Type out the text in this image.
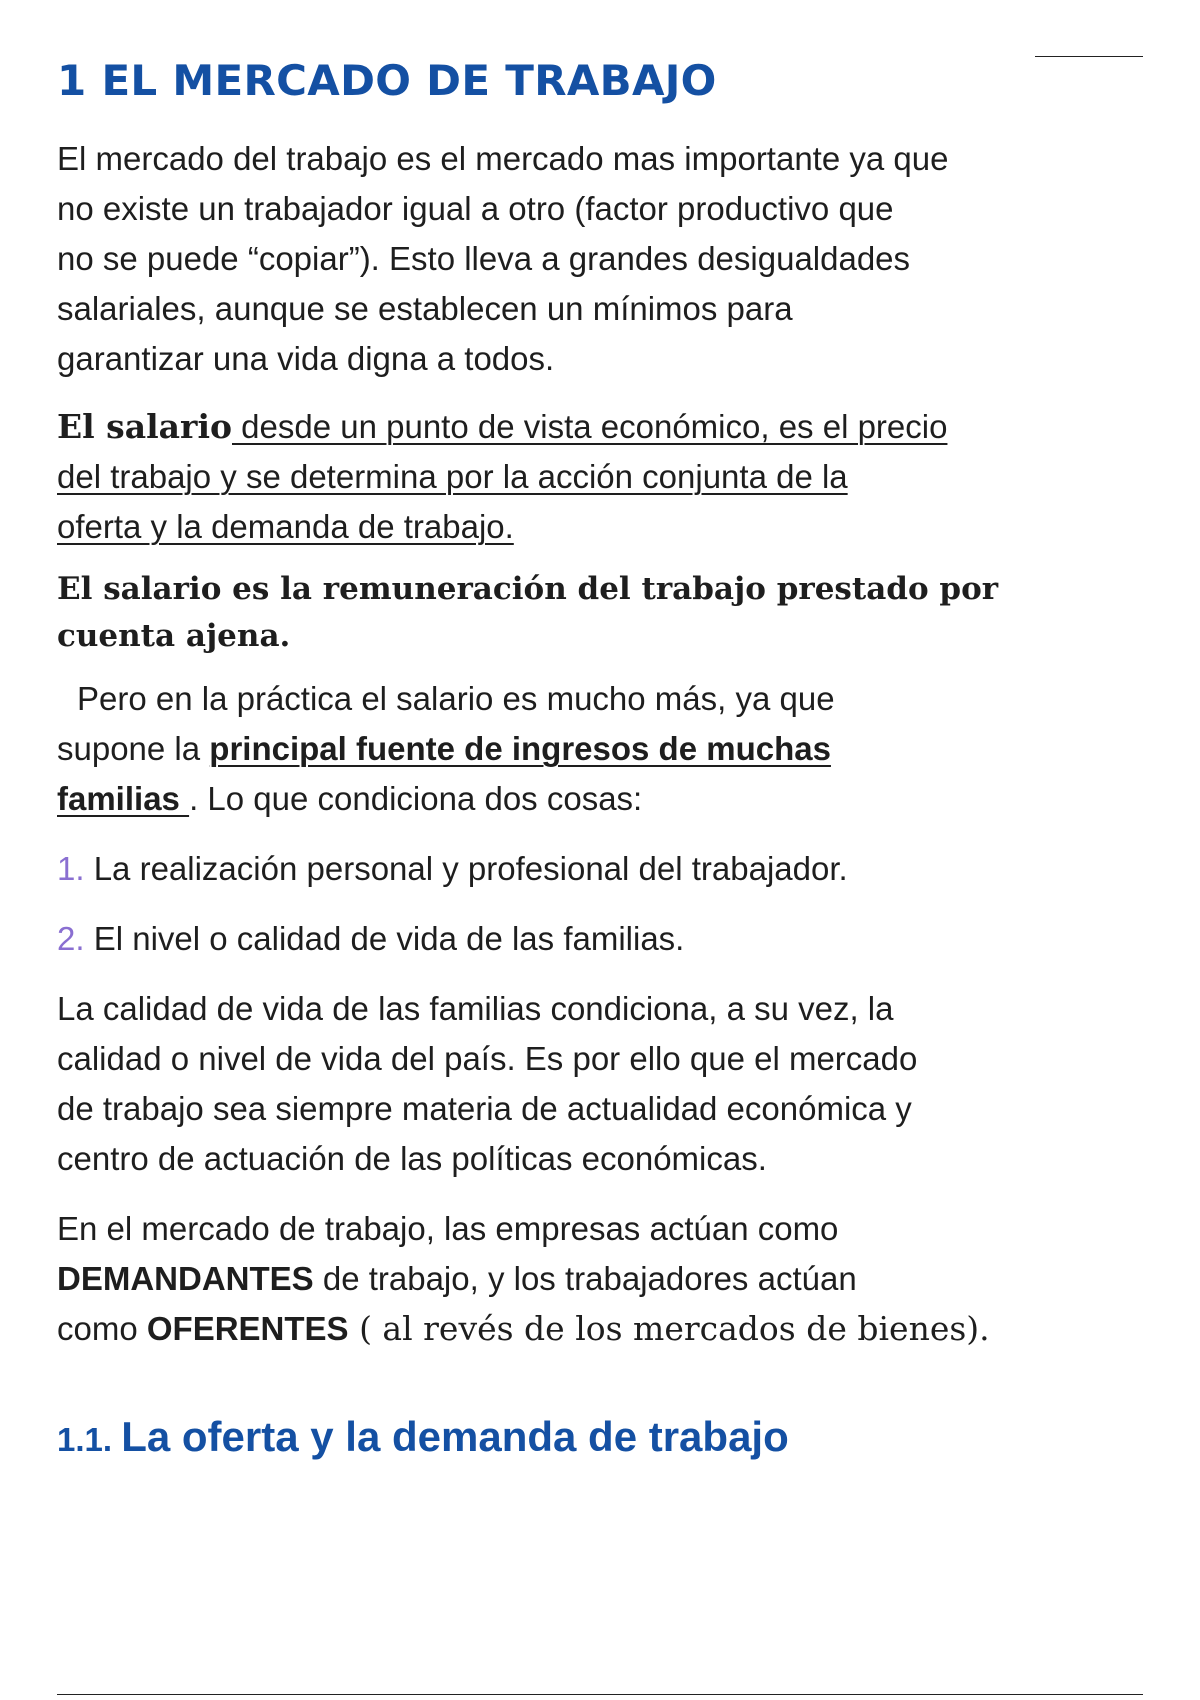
1 EL MERCADO DE TRABAJO

El mercado del trabajo es el mercado mas importante ya que
no existe un trabajador igual a otro (factor productivo que
no se puede “copiar”). Esto lleva a grandes desigualdades
salariales, aunque se establecen un mínimos para
garantizar una vida digna a todos.

El salario desde un punto de vista económico, es el precio
del trabajo y se determina por la acción conjunta de la
oferta y la demanda de trabajo.

El salario es la remuneración del trabajo prestado por
cuenta ajena.

Pero en la práctica el salario es mucho más, ya que
supone la principal fuente de ingresos de muchas
familias . Lo que condiciona dos cosas:

1. La realización personal y profesional del trabajador.
2. El nivel o calidad de vida de las familias.

La calidad de vida de las familias condiciona, a su vez, la
calidad o nivel de vida del país. Es por ello que el mercado
de trabajo sea siempre materia de actualidad económica y
centro de actuación de las políticas económicas.

En el mercado de trabajo, las empresas actúan como
DEMANDANTES de trabajo, y los trabajadores actúan
como OFERENTES ( al revés de los mercados de bienes).

1.1. La oferta y la demanda de trabajo
